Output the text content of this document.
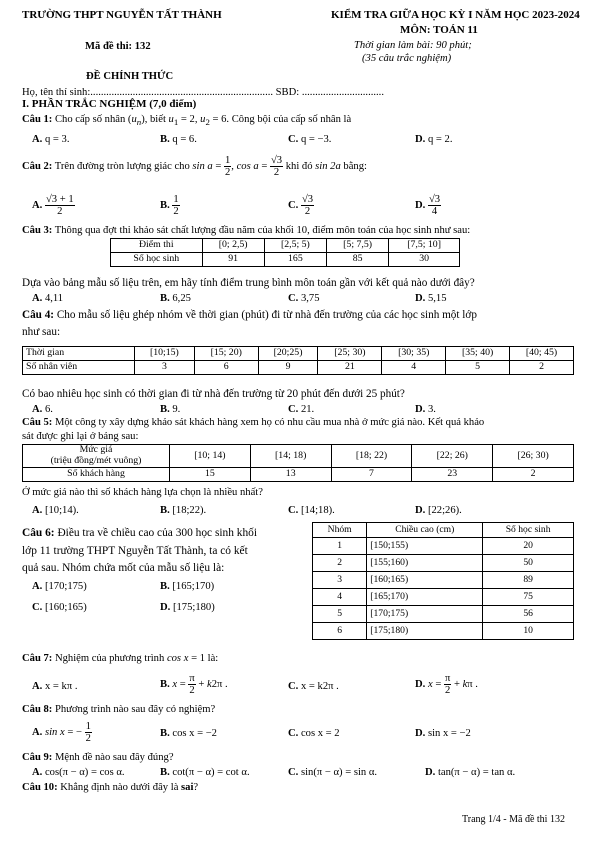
TRƯỜNG THPT NGUYỄN TẤT THÀNH	KIỂM TRA GIỮA HỌC KỲ I NĂM HỌC 2023-2024
MÔN: TOÁN 11
Mã đề thi: 132	Thời gian làm bài: 90 phút;
(35 câu trắc nghiệm)
ĐỀ CHÍNH THỨC
Họ, tên thí sinh:..................................................................... SBD: ...............................
I. PHẦN TRẮC NGHIỆM (7,0 điểm)
Câu 1: Cho cấp số nhân $(u_n)$, biết $u_1 = 2$, $u_2 = 6$. Công bội của cấp số nhân là
A. q = 3.	B. q = 6.	C. q = −3.	D. q = 2.
Câu 2: Trên đường tròn lượng giác cho $\sin a = \frac{1}{2}$ , $\cos a = \frac{√3}{2}$ khi đó sin 2a bằng:
A. $\frac{√3 + 1}{2}$	B. $\frac{1}{2}$	C. $\frac{√3}{2}$	D. $\frac{√3}{4}$
Câu 3: Thông qua đợt thi khảo sát chất lượng đầu năm của khối 10, điểm môn toán của học sinh như sau:
Điểm thi	[0; 2,5)	[2,5; 5)	[5; 7,5)	[7,5; 10]
Số học sinh	91	165	85	30
Dựa vào bảng mẫu số liệu trên, em hãy tính điểm trung bình môn toán gần với kết quả nào dưới đây?
A. 4,11	B. 6,25	C. 3,75	D. 5,15
Câu 4: Cho mẫu số liệu ghép nhóm về thời gian (phút) đi từ nhà đến trường của các học sinh một lớp
như sau:
Thời gian	[10;15)	[15; 20)	[20;25)	[25; 30)	[30; 35)	[35; 40)	[40; 45)
Số nhân viên	3	6	9	21	4	5	2
Có bao nhiêu học sinh có thời gian đi từ nhà đến trường từ 20 phút đến dưới 25 phút?
A. 6.	B. 9.	C. 21.	D. 3.
Câu 5: Một công ty xây dựng khảo sát khách hàng xem họ có nhu cầu mua nhà ở mức giá nào. Kết quả khảo
sát được ghi lại ở bảng sau:
Mức giá
(triệu đồng/mét vuông)	[10; 14)	[14; 18)	[18; 22)	[22; 26)	[26; 30)
Số khách hàng	15	13	7	23	2
Ở mức giá nào thì số khách hàng lựa chọn là nhiều nhất?
A. [10;14).	B. [18;22).	C. [14;18).	D. [22;26).
Câu 6: Điều tra về chiều cao của 300 học sinh khối
lớp 11 trường THPT Nguyễn Tất Thành, ta có kết
quả sau. Nhóm chứa mốt của mẫu số liệu là:
A. [170;175)	B. [165;170)
C. [160;165)	D. [175;180)
Nhóm	Chiều cao (cm)	Số học sinh
1	[150;155)	20
2	[155;160)	50
3	[160;165)	89
4	[165;170)	75
5	[170;175)	56
6	[175;180)	10
Câu 7: Nghiệm của phương trình cos x = 1 là:
A. x = kπ .	B. $x = \frac{\pi}{2} + k2\pi$ .	C. x = k2π .	D. $x = \frac{\pi}{2} + k\pi$ .
Câu 8: Phương trình nào sau đây có nghiệm?
A. sin x = − $\frac{1}{2}$	B. cos x = −2	C. cos x = 2	D. sin x = −2
Câu 9: Mệnh đề nào sau đây đúng?
A. cos(π − α) = cos α.	B. cot(π − α) = cot α.	C. sin(π − α) = sin α.	D. tan(π − α) = tan α.
Câu 10: Khẳng định nào dưới đây là sai?
Trang 1/4 - Mã đề thi 132
